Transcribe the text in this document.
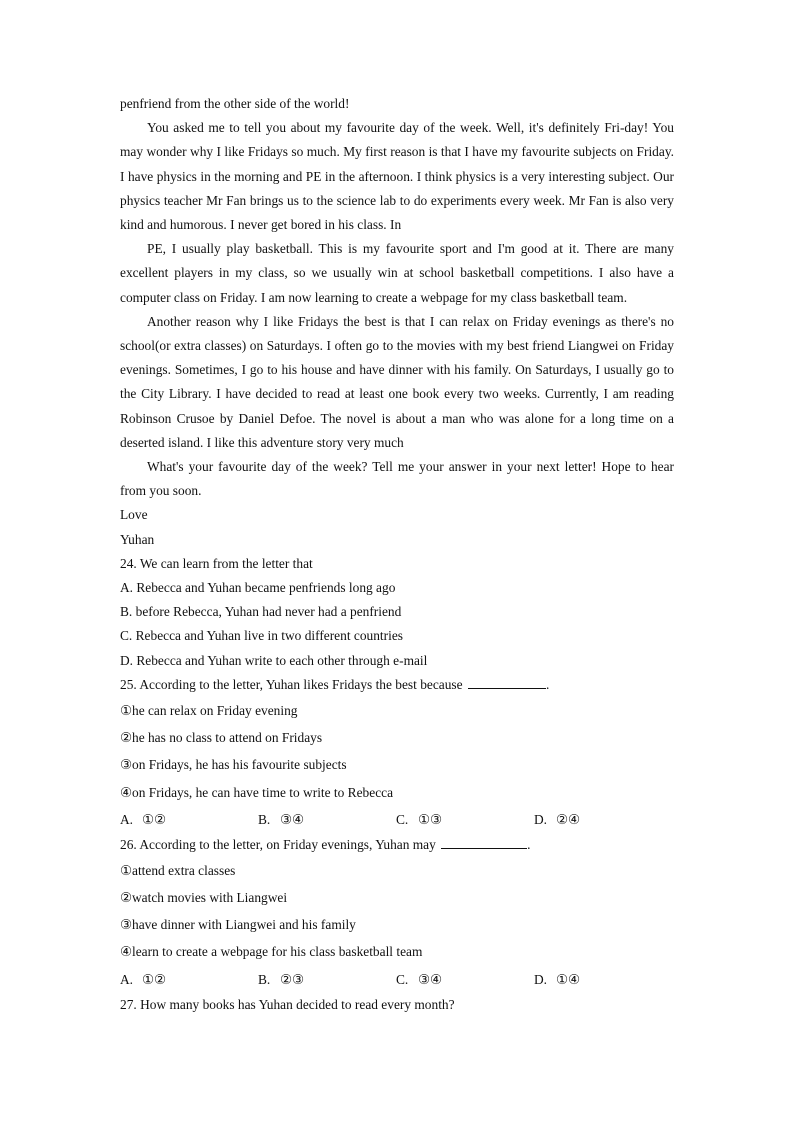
penfriend from the other side of the world!

You asked me to tell you about my favourite day of the week. Well, it's definitely Fri-day! You may wonder why I like Fridays so much. My first reason is that I have my favourite subjects on Friday. I have physics in the morning and PE in the afternoon. I think physics is a very interesting subject. Our physics teacher Mr Fan brings us to the science lab to do experiments every week. Mr Fan is also very kind and humorous. I never get bored in his class. In

PE, I usually play basketball. This is my favourite sport and I'm good at it. There are many excellent players in my class, so we usually win at school basketball competitions. I also have a computer class on Friday. I am now learning to create a webpage for my class basketball team.

Another reason why I like Fridays the best is that I can relax on Friday evenings as there's no school(or extra classes) on Saturdays. I often go to the movies with my best friend Liangwei on Friday evenings. Sometimes, I go to his house and have dinner with his family. On Saturdays, I usually go to the City Library. I have decided to read at least one book every two weeks. Currently, I am reading Robinson Crusoe by Daniel Defoe. The novel is about a man who was alone for a long time on a deserted island. I like this adventure story very much

What's your favourite day of the week? Tell me your answer in your next letter! Hope to hear from you soon.

Love

Yuhan

24. We can learn from the letter that

A. Rebecca and Yuhan became penfriends long ago

B. before Rebecca, Yuhan had never had a penfriend

C. Rebecca and Yuhan live in two different countries

D. Rebecca and Yuhan write to each other through e-mail

25. According to the letter, Yuhan likes Fridays the best because	.

①he can relax on Friday evening

②he has no class to attend on Fridays

③on Fridays, he has his favourite subjects

④on Fridays, he can have time to write to Rebecca

A. ①②	B. ③④	C. ①③	D. ②④

26. According to the letter, on Friday evenings, Yuhan may	.

①attend extra classes

②watch movies with Liangwei

③have dinner with Liangwei and his family

④learn to create a webpage for his class basketball team

A. ①②	B. ②③	C. ③④	D. ①④

27. How many books has Yuhan decided to read every month?
